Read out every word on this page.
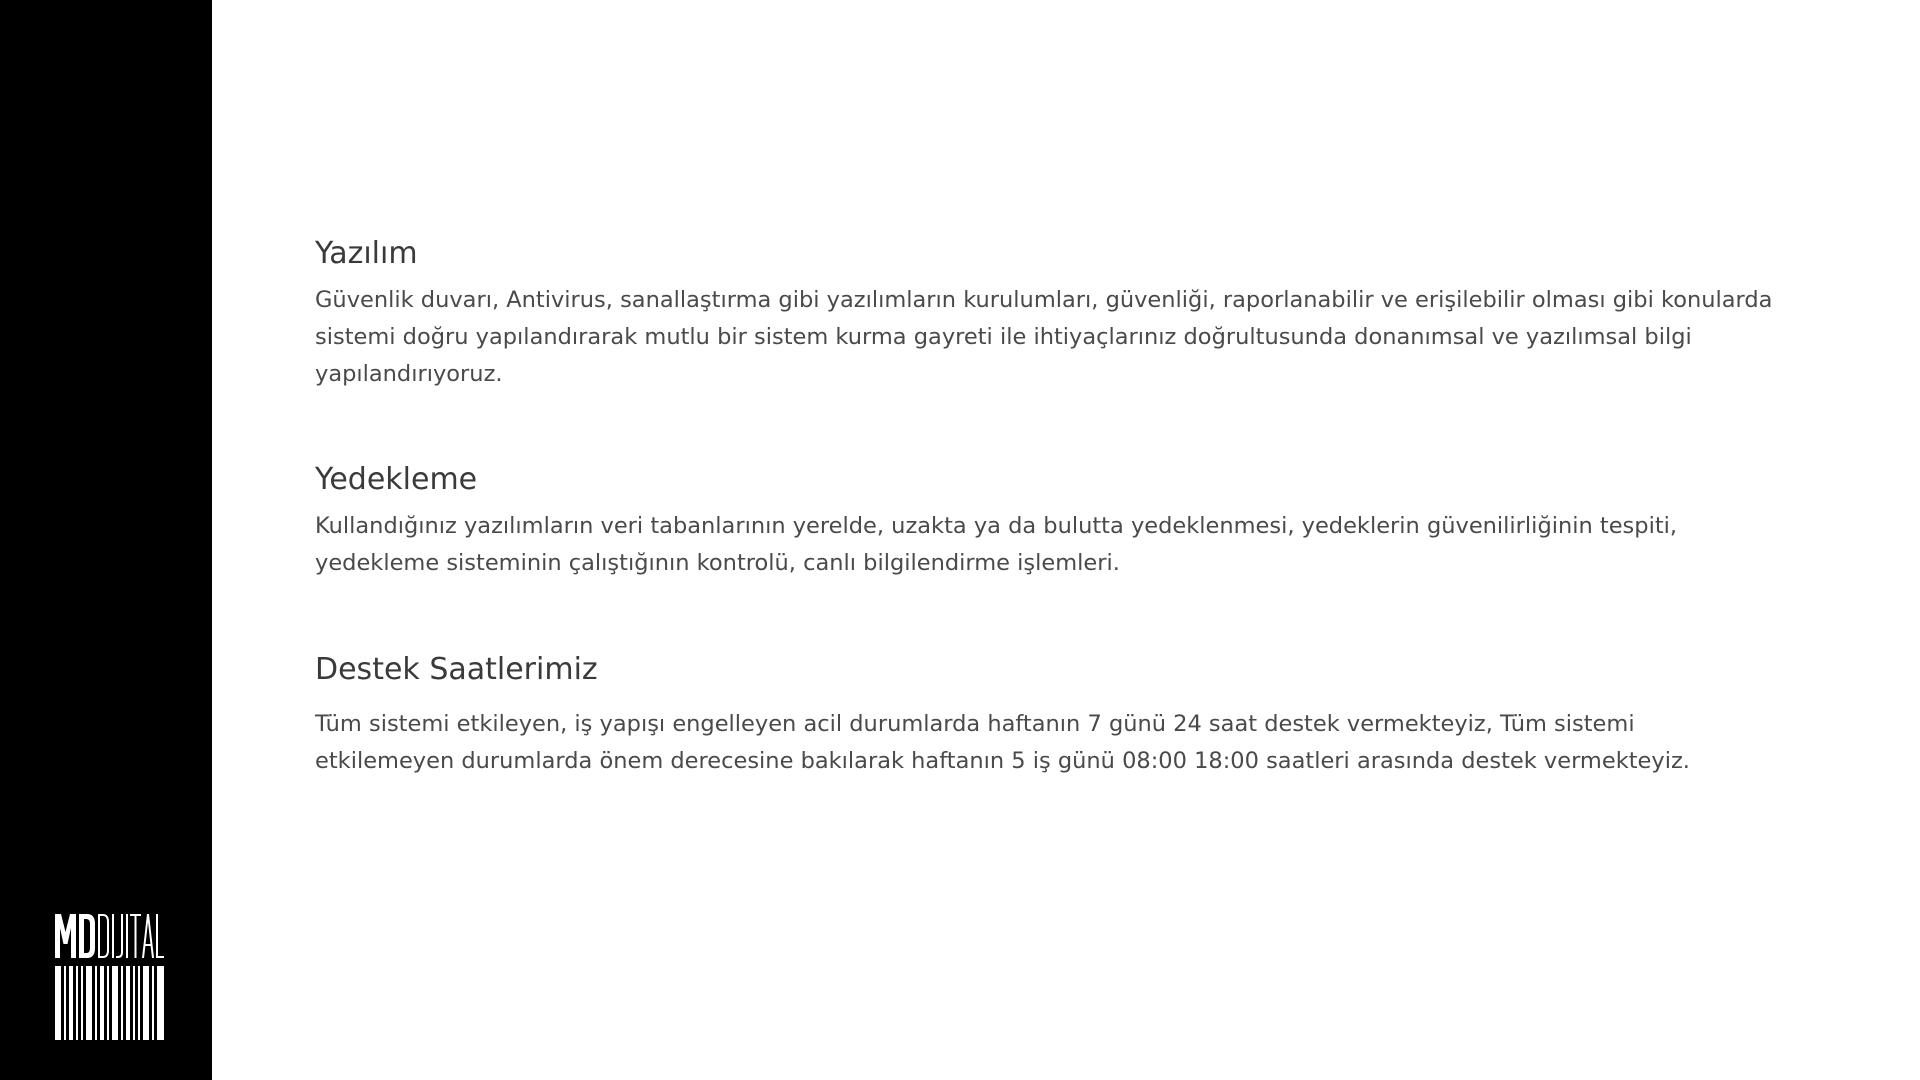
Yazılım

Güvenlik duvarı, Antivirus, sanallaştırma gibi yazılımların kurulumları, güvenliği, raporlanabilir ve erişilebilir olması gibi konularda sistemi doğru yapılandırarak mutlu bir sistem kurma gayreti ile ihtiyaçlarınız doğrultusunda donanımsal ve yazılımsal bilgi yapılandırıyoruz.

Yedekleme

Kullandığınız yazılımların veri tabanlarının yerelde, uzakta ya da bulutta yedeklenmesi, yedeklerin güvenilirliğinin tespiti, yedekleme sisteminin çalıştığının kontrolü, canlı bilgilendirme işlemleri.

Destek Saatlerimiz

Tüm sistemi etkileyen, iş yapışı engelleyen acil durumlarda haftanın 7 günü 24 saat destek vermekteyiz, Tüm sistemi etkilemeyen durumlarda önem derecesine bakılarak haftanın 5 iş günü 08:00 18:00 saatleri arasında destek vermekteyiz.
